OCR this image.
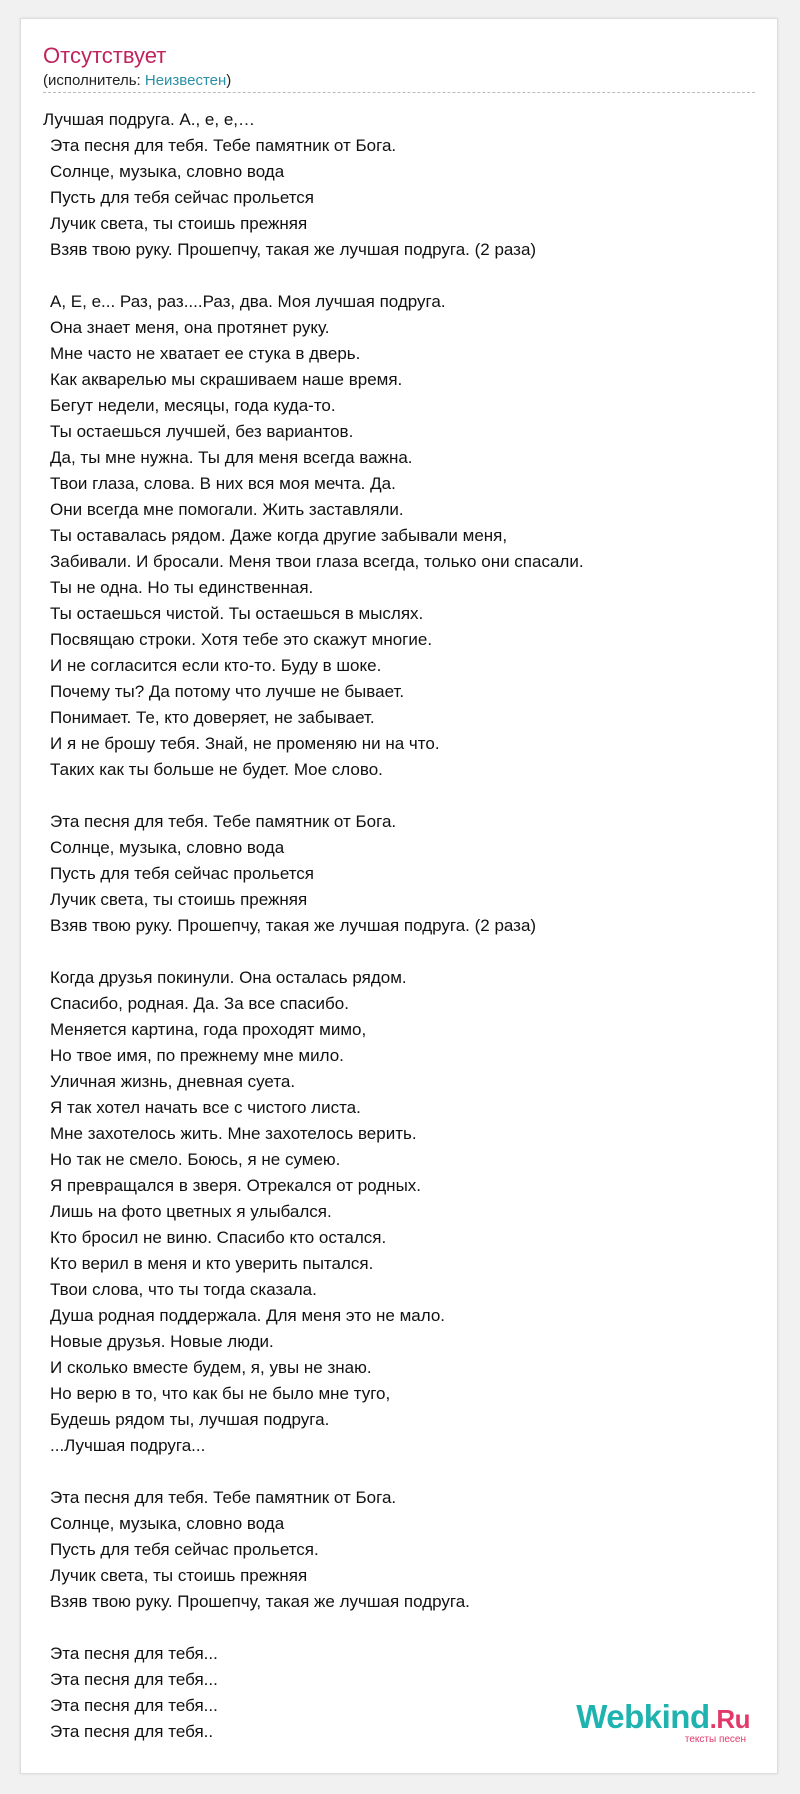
Отсутствует
(исполнитель: Неизвестен)
Лучшая подруга. А., е, е,…
Эта песня для тебя. Тебе памятник от Бога.
Солнце, музыка, словно вода
Пусть для тебя сейчас прольется
Лучик света, ты стоишь прежняя
Взяв твою руку. Прошепчу, такая же лучшая подруга. (2 раза)
А, Е, е... Раз, раз....Раз, два. Моя лучшая подруга.
Она знает меня, она протянет руку.
Мне часто не хватает ее стука в дверь.
Как акварелью мы скрашиваем наше время.
Бегут недели, месяцы, года куда-то.
Ты остаешься лучшей, без вариантов.
Да, ты мне нужна. Ты для меня всегда важна.
Твои глаза, слова. В них вся моя мечта. Да.
Они всегда мне помогали. Жить заставляли.
Ты оставалась рядом. Даже когда другие забывали меня,
Забивали. И бросали. Меня твои глаза всегда, только они спасали.
Ты не одна. Но ты единственная.
Ты остаешься чистой. Ты остаешься в мыслях.
Посвящаю строки. Хотя тебе это скажут многие.
И не согласится если кто-то. Буду в шоке.
Почему ты? Да потому что лучше не бывает.
Понимает. Те, кто доверяет, не забывает.
И я не брошу тебя. Знай, не променяю ни на что.
Таких как ты больше не будет. Мое слово.
Эта песня для тебя. Тебе памятник от Бога.
Солнце, музыка, словно вода
Пусть для тебя сейчас прольется
Лучик света, ты стоишь прежняя
Взяв твою руку. Прошепчу, такая же лучшая подруга. (2 раза)
Когда друзья покинули. Она осталась рядом.
Спасибо, родная. Да. За все спасибо.
Меняется картина, года проходят мимо,
Но твое имя, по прежнему мне мило.
Уличная жизнь, дневная суета.
Я так хотел начать все с чистого листа.
Мне захотелось жить. Мне захотелось верить.
Но так не смело. Боюсь, я не сумею.
Я превращался в зверя. Отрекался от родных.
Лишь на фото цветных я улыбался.
Кто бросил не виню. Спасибо кто остался.
Кто верил в меня и кто уверить пытался.
Твои слова, что ты тогда сказала.
Душа родная поддержала. Для меня это не мало.
Новые друзья. Новые люди.
И сколько вместе будем, я, увы не знаю.
Но верю в то, что как бы не было мне туго,
Будешь рядом ты, лучшая подруга.
...Лучшая подруга...
Эта песня для тебя. Тебе памятник от Бога.
Солнце, музыка, словно вода
Пусть для тебя сейчас прольется.
Лучик света, ты стоишь прежняя
Взяв твою руку. Прошепчу, такая же лучшая подруга.
Эта песня для тебя...
Эта песня для тебя...
Эта песня для тебя...
Эта песня для тебя..	Webkind.Ru
тексты песен
